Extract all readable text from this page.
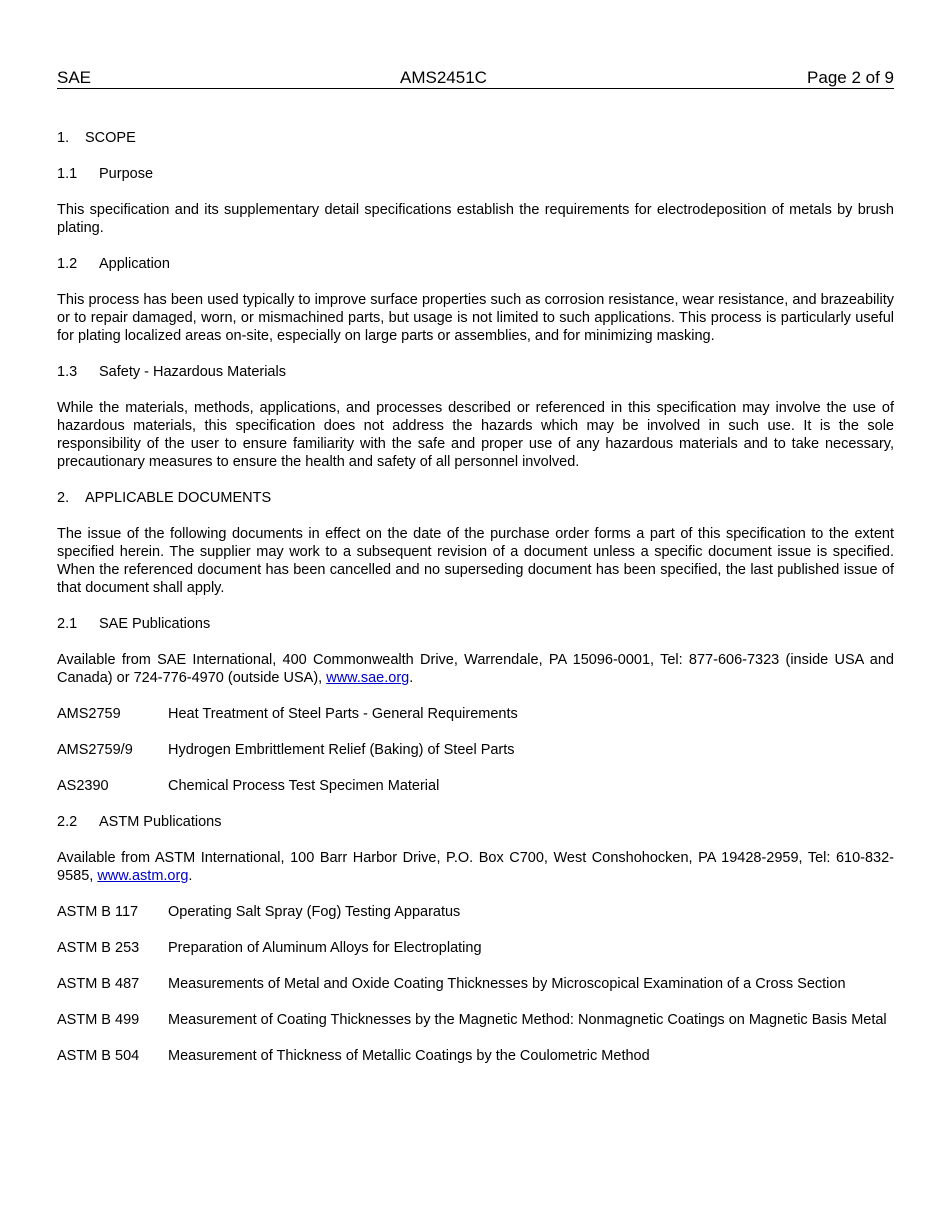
SAE	AMS2451C	Page 2 of 9
1. SCOPE
1.1 Purpose

This specification and its supplementary detail specifications establish the requirements for electrodeposition of metals by brush plating.

1.2 Application

This process has been used typically to improve surface properties such as corrosion resistance, wear resistance, and brazeability or to repair damaged, worn, or mismachined parts, but usage is not limited to such applications. This process is particularly useful for plating localized areas on-site, especially on large parts or assemblies, and for minimizing masking.

1.3 Safety - Hazardous Materials

While the materials, methods, applications, and processes described or referenced in this specification may involve the use of hazardous materials, this specification does not address the hazards which may be involved in such use. It is the sole responsibility of the user to ensure familiarity with the safe and proper use of any hazardous materials and to take necessary, precautionary measures to ensure the health and safety of all personnel involved.

2. APPLICABLE DOCUMENTS

The issue of the following documents in effect on the date of the purchase order forms a part of this specification to the extent specified herein. The supplier may work to a subsequent revision of a document unless a specific document issue is specified. When the referenced document has been cancelled and no superseding document has been specified, the last published issue of that document shall apply.

2.1 SAE Publications

Available from SAE International, 400 Commonwealth Drive, Warrendale, PA 15096-0001, Tel: 877-606-7323 (inside USA and Canada) or 724-776-4970 (outside USA), www.sae.org.

AMS2759	Heat Treatment of Steel Parts - General Requirements
AMS2759/9	Hydrogen Embrittlement Relief (Baking) of Steel Parts
AS2390	Chemical Process Test Specimen Material
2.2 ASTM Publications

Available from ASTM International, 100 Barr Harbor Drive, P.O. Box C700, West Conshohocken, PA 19428-2959, Tel: 610-832-9585, www.astm.org.

ASTM B 117	Operating Salt Spray (Fog) Testing Apparatus
ASTM B 253	Preparation of Aluminum Alloys for Electroplating
ASTM B 487	Measurements of Metal and Oxide Coating Thicknesses by Microscopical Examination of a Cross Section
ASTM B 499	Measurement of Coating Thicknesses by the Magnetic Method: Nonmagnetic Coatings on Magnetic Basis Metal
ASTM B 504	Measurement of Thickness of Metallic Coatings by the Coulometric Method
